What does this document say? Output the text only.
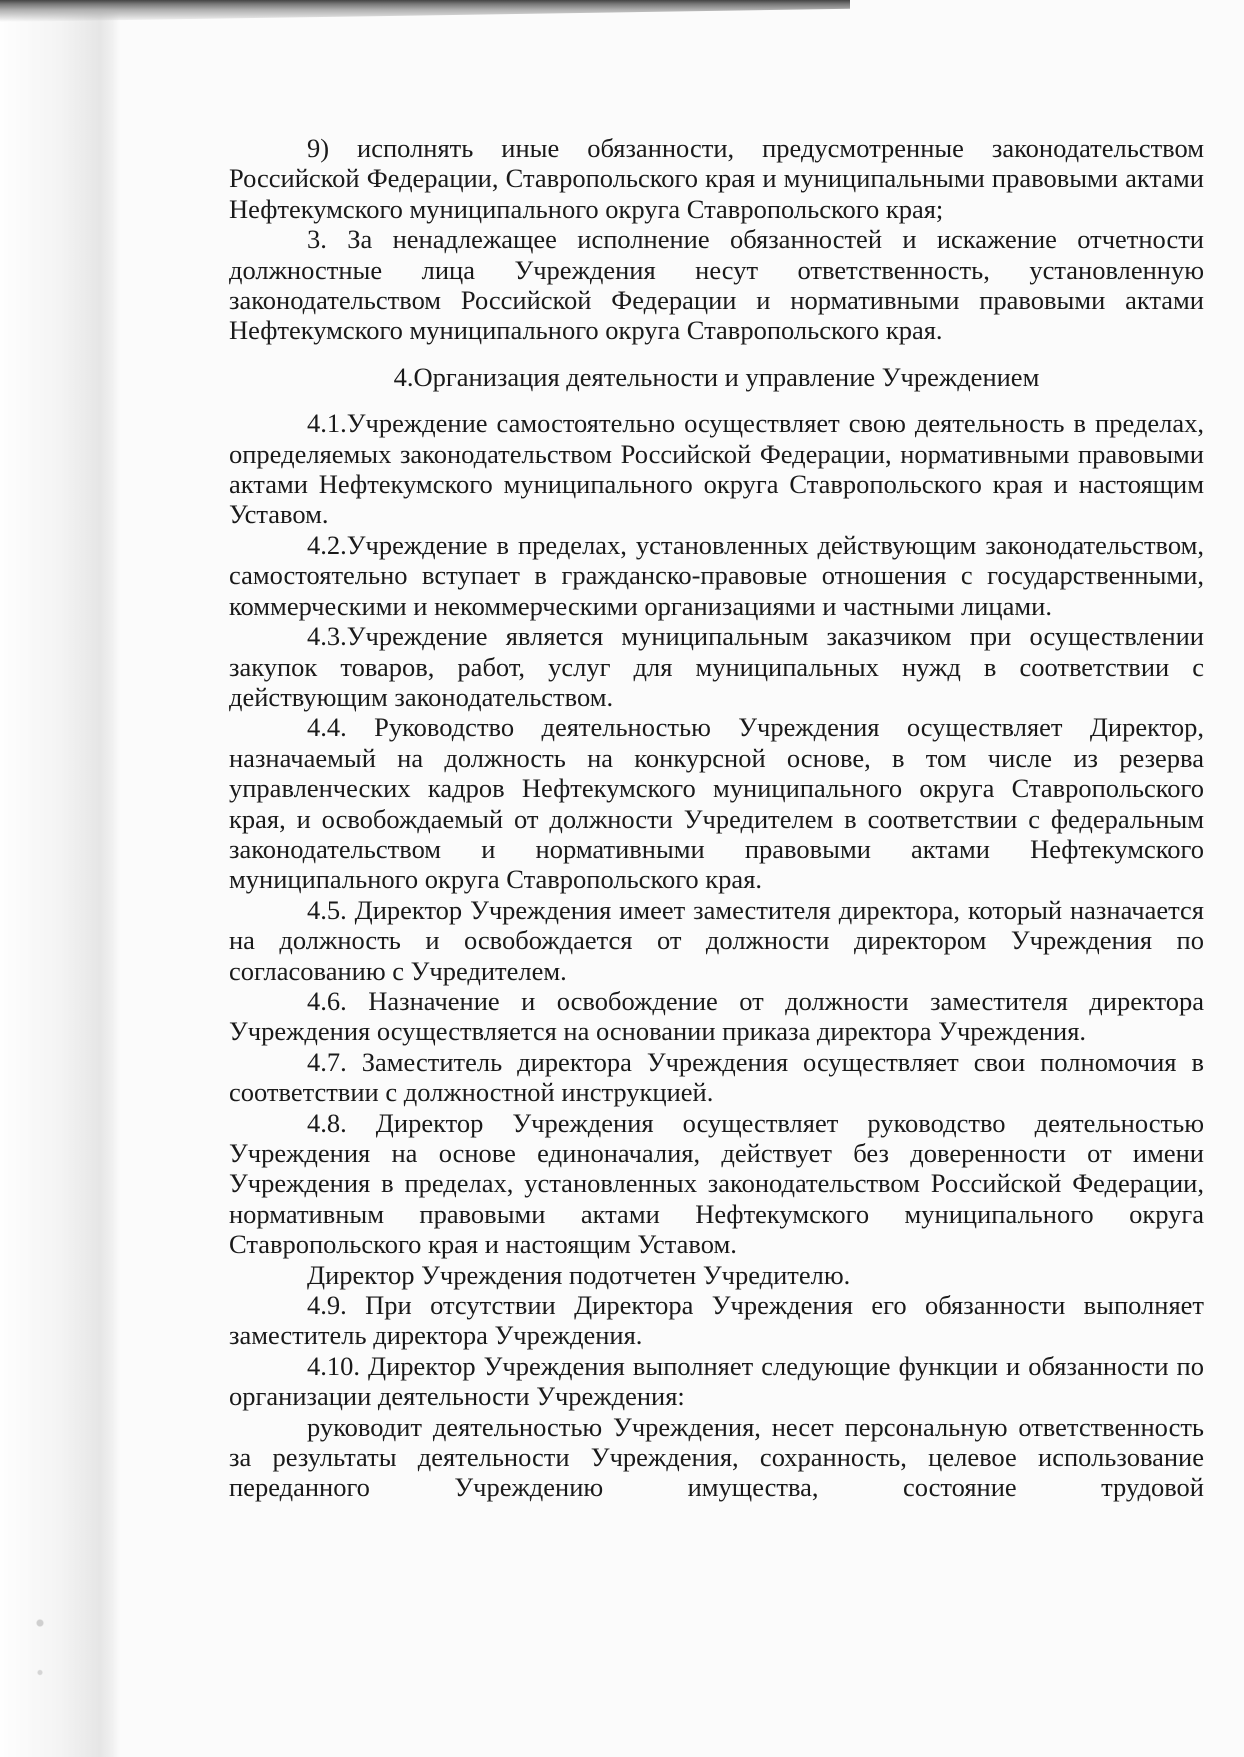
9) исполнять иные обязанности, предусмотренные законодательством Российской Федерации, Ставропольского края и муниципальными правовыми актами Нефтекумского муниципального округа Ставропольского края;

3. За ненадлежащее исполнение обязанностей и искажение отчетности должностные лица Учреждения несут ответственность, установленную законодательством Российской Федерации и нормативными правовыми актами Нефтекумского муниципального округа Ставропольского края.

4.Организация деятельности и управление Учреждением

4.1.Учреждение самостоятельно осуществляет свою деятельность в пределах, определяемых законодательством Российской Федерации, нормативными правовыми актами Нефтекумского муниципального округа Ставропольского края и настоящим Уставом.

4.2.Учреждение в пределах, установленных действующим законодательством, самостоятельно вступает в гражданско-правовые отношения с государственными, коммерческими и некоммерческими организациями и частными лицами.

4.3.Учреждение является муниципальным заказчиком при осуществлении закупок товаров, работ, услуг для муниципальных нужд в соответствии с действующим законодательством.

4.4. Руководство деятельностью Учреждения осуществляет Директор, назначаемый на должность на конкурсной основе, в том числе из резерва управленческих кадров Нефтекумского муниципального округа Ставропольского края, и освобождаемый от должности Учредителем в соответствии с федеральным законодательством и нормативными правовыми актами Нефтекумского муниципального округа Ставропольского края.

4.5. Директор Учреждения имеет заместителя директора, который назначается на должность и освобождается от должности директором Учреждения по согласованию с Учредителем.

4.6. Назначение и освобождение от должности заместителя директора Учреждения осуществляется на основании приказа директора Учреждения.

4.7. Заместитель директора Учреждения осуществляет свои полномочия в соответствии с должностной инструкцией.

4.8. Директор Учреждения осуществляет руководство деятельностью Учреждения на основе единоначалия, действует без доверенности от имени Учреждения в пределах, установленных законодательством Российской Федерации, нормативным правовыми актами Нефтекумского муниципального округа Ставропольского края и настоящим Уставом.

Директор Учреждения подотчетен Учредителю.

4.9. При отсутствии Директора Учреждения его обязанности выполняет заместитель директора Учреждения.

4.10. Директор Учреждения выполняет следующие функции и обязанности по организации деятельности Учреждения:

руководит деятельностью Учреждения, несет персональную ответственность за результаты деятельности Учреждения, сохранность, целевое использование переданного Учреждению имущества, состояние трудовой
